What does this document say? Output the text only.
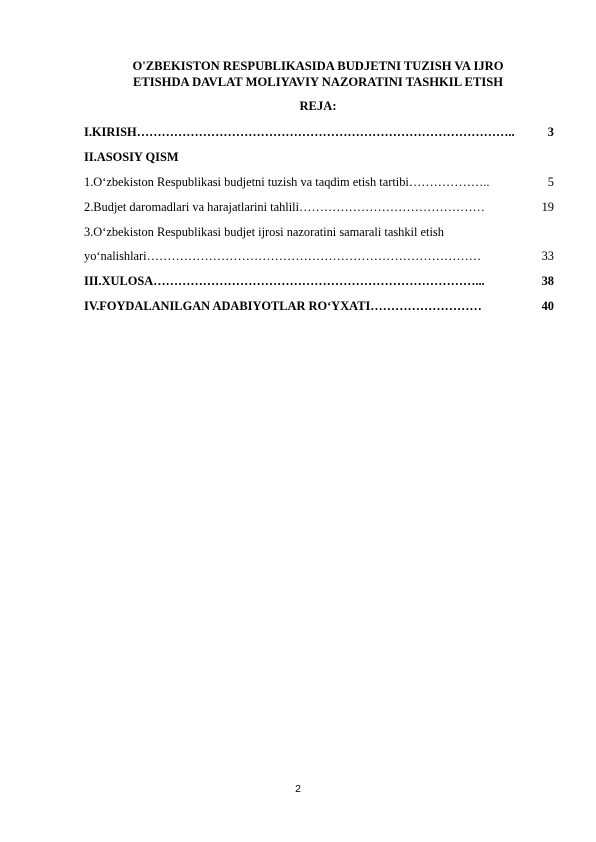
O'ZBEKISTON RESPUBLIKASIDA BUDJETNI TUZISH VA IJRO
ETISHDA DAVLAT MOLIYAVIY NAZORATINI TASHKIL ETISH
REJA:
I.KIRISH………………………………………………………………………………..	3
II.ASOSIY QISM
1.O‘zbekiston Respublikasi budjetni tuzish va taqdim etish tartibi………………..	5
2.Budjet daromadlari va harajatlarini tahlili………………………………………	19
3.O‘zbekiston Respublikasi budjet ijrosi nazoratini samarali tashkil etish
yo‘nalishlari………………………………………………………………………	33
III.XULOSA……………………………………………………………………...	38
IV.FOYDALANILGAN ADABIYOTLAR RO‘YXATI………………………	40
2
